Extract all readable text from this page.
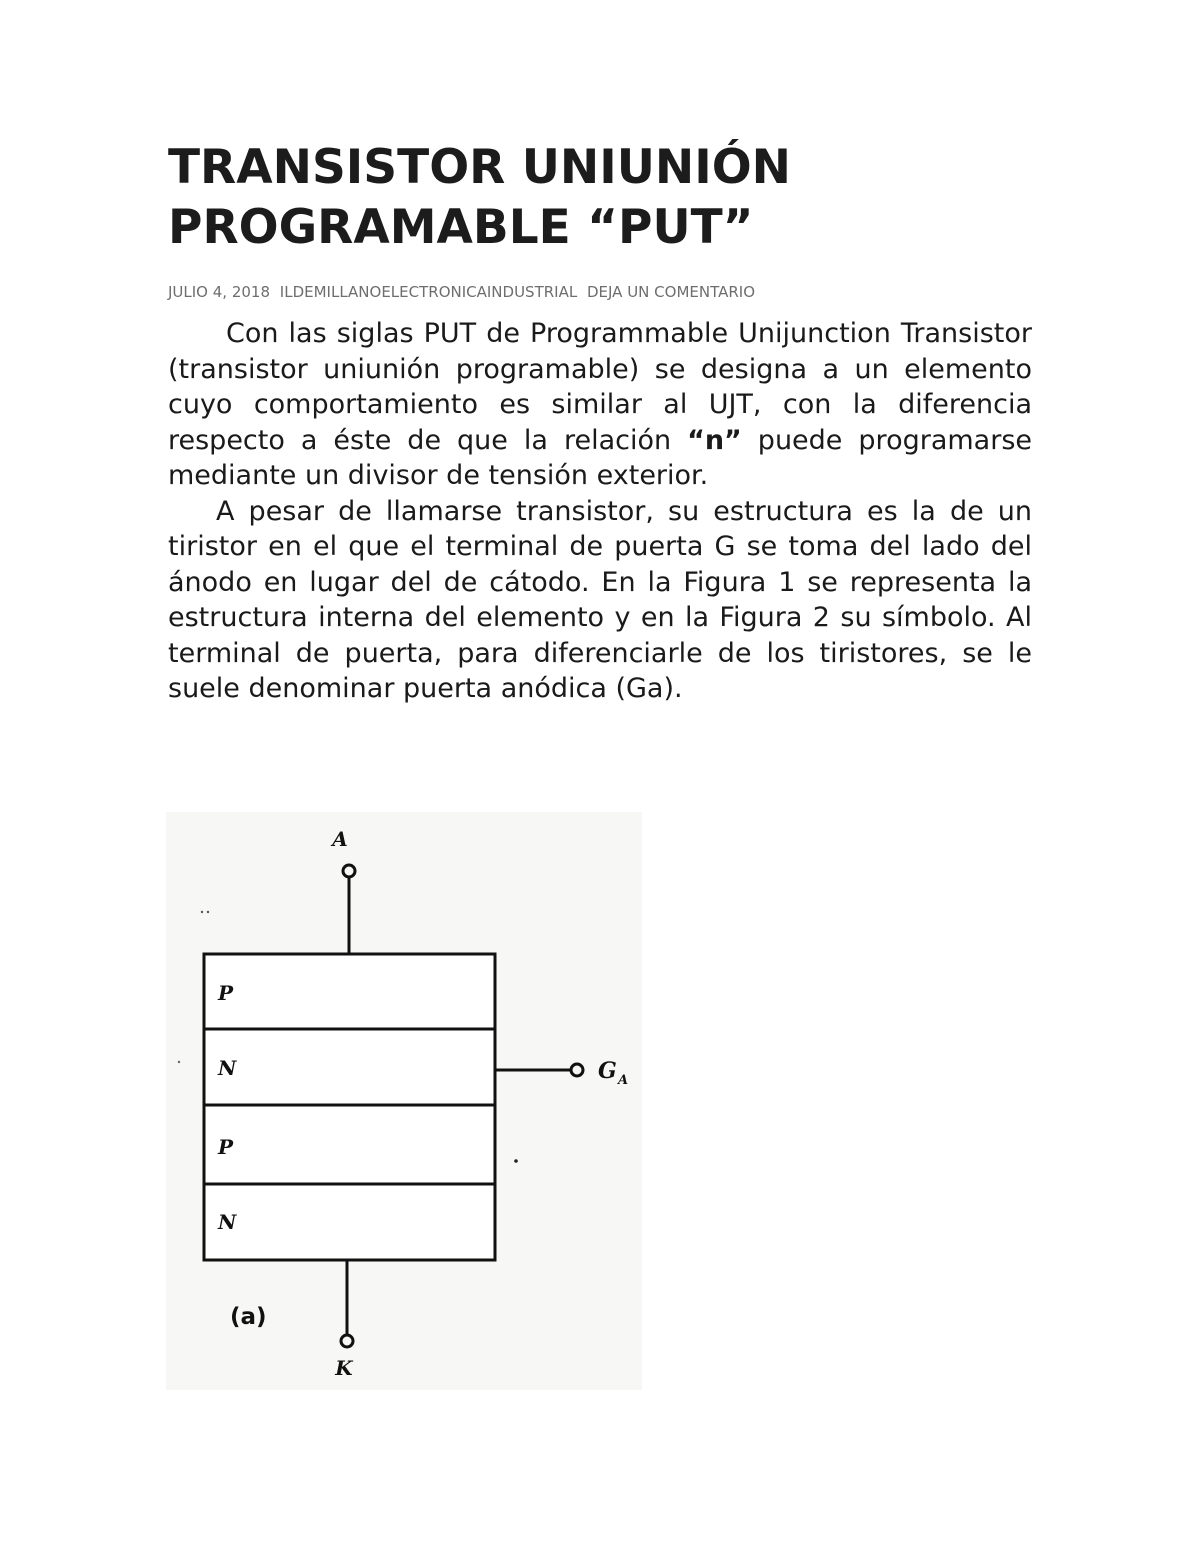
TRANSISTOR UNIUNIÓN PROGRAMABLE “PUT”
JULIO 4, 2018 ILDEMILLANOELECTRONICAINDUSTRIAL DEJA UN COMENTARIO

Con las siglas PUT de Programmable Unijunction Transistor (transistor uniunión programable) se designa a un elemento cuyo comportamiento es similar al UJT, con la diferencia respecto a éste de que la relación “n” puede programarse mediante un divisor de tensión exterior.

A pesar de llamarse transistor, su estructura es la de un tiristor en el que el terminal de puerta G se toma del lado del ánodo en lugar del de cátodo. En la Figura 1 se representa la estructura interna del elemento y en la Figura 2 su símbolo. Al terminal de puerta, para diferenciarle de los tiristores, se le suele denominar puerta anódica (Ga).

A
P
N
P
N
G A
K
(a)
